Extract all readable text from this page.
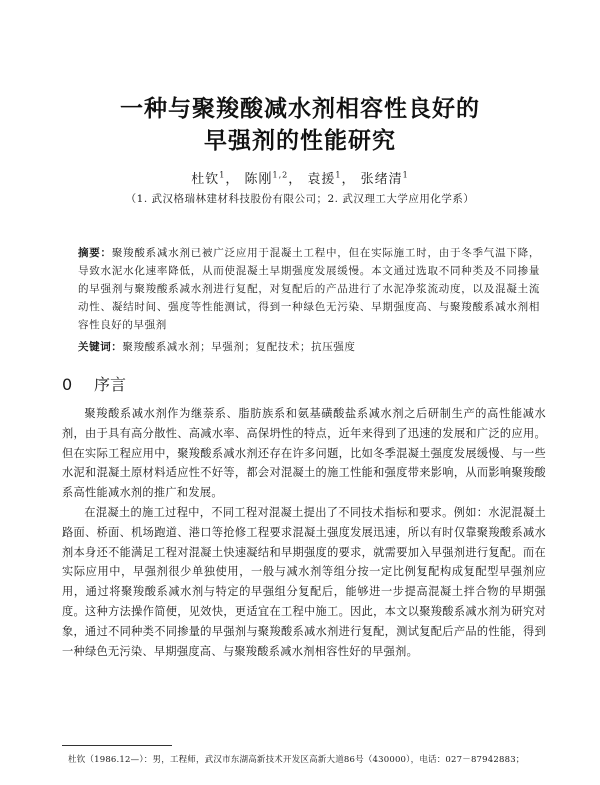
一种与聚羧酸减水剂相容性良好的
早强剂的性能研究
杜钦$^1$， 陈刚$^{1,2}$， 袁援$^1$， 张绪清$^1$
（1. 武汉格瑞林建材科技股份有限公司；2. 武汉理工大学应用化学系）
摘要：聚羧酸系减水剂已被广泛应用于混凝土工程中，但在实际施工时，由于冬季气温下降，导致水泥水化速率降低，从而使混凝土早期强度发展缓慢。本文通过选取不同种类及不同掺量的早强剂与聚羧酸系减水剂进行复配，对复配后的产品进行了水泥净浆流动度，以及混凝土流动性、凝结时间、强度等性能测试，得到一种绿色无污染、早期强度高、与聚羧酸系减水剂相容性良好的早强剂
关键词：聚羧酸系减水剂；早强剂；复配技术；抗压强度
0 序言

聚羧酸系减水剂作为继萘系、脂肪族系和氨基磺酸盐系减水剂之后研制生产的高性能减水剂，由于具有高分散性、高减水率、高保坍性的特点，近年来得到了迅速的发展和广泛的应用。但在实际工程应用中，聚羧酸系减水剂还存在许多问题，比如冬季混凝土强度发展缓慢、与一些水泥和混凝土原材料适应性不好等，都会对混凝土的施工性能和强度带来影响，从而影响聚羧酸系高性能减水剂的推广和发展。

在混凝土的施工过程中，不同工程对混凝土提出了不同技术指标和要求。例如：水泥混凝土路面、桥面、机场跑道、港口等抢修工程要求混凝土强度发展迅速，所以有时仅靠聚羧酸系减水剂本身还不能满足工程对混凝土快速凝结和早期强度的要求，就需要加入早强剂进行复配。而在实际应用中，早强剂很少单独使用，一般与减水剂等组分按一定比例复配构成复配型早强剂应用，通过将聚羧酸系减水剂与特定的早强组分复配后，能够进一步提高混凝土拌合物的早期强度。这种方法操作简便，见效快，更适宜在工程中施工。因此，本文以聚羧酸系减水剂为研究对象，通过不同种类不同掺量的早强剂与聚羧酸系减水剂进行复配，测试复配后产品的性能，得到一种绿色无污染、早期强度高、与聚羧酸系减水剂相容性好的早强剂。

杜钦（1986.12—）：男，工程师，武汉市东湖高新技术开发区高新大道86号（430000），电话：027－87942883；
